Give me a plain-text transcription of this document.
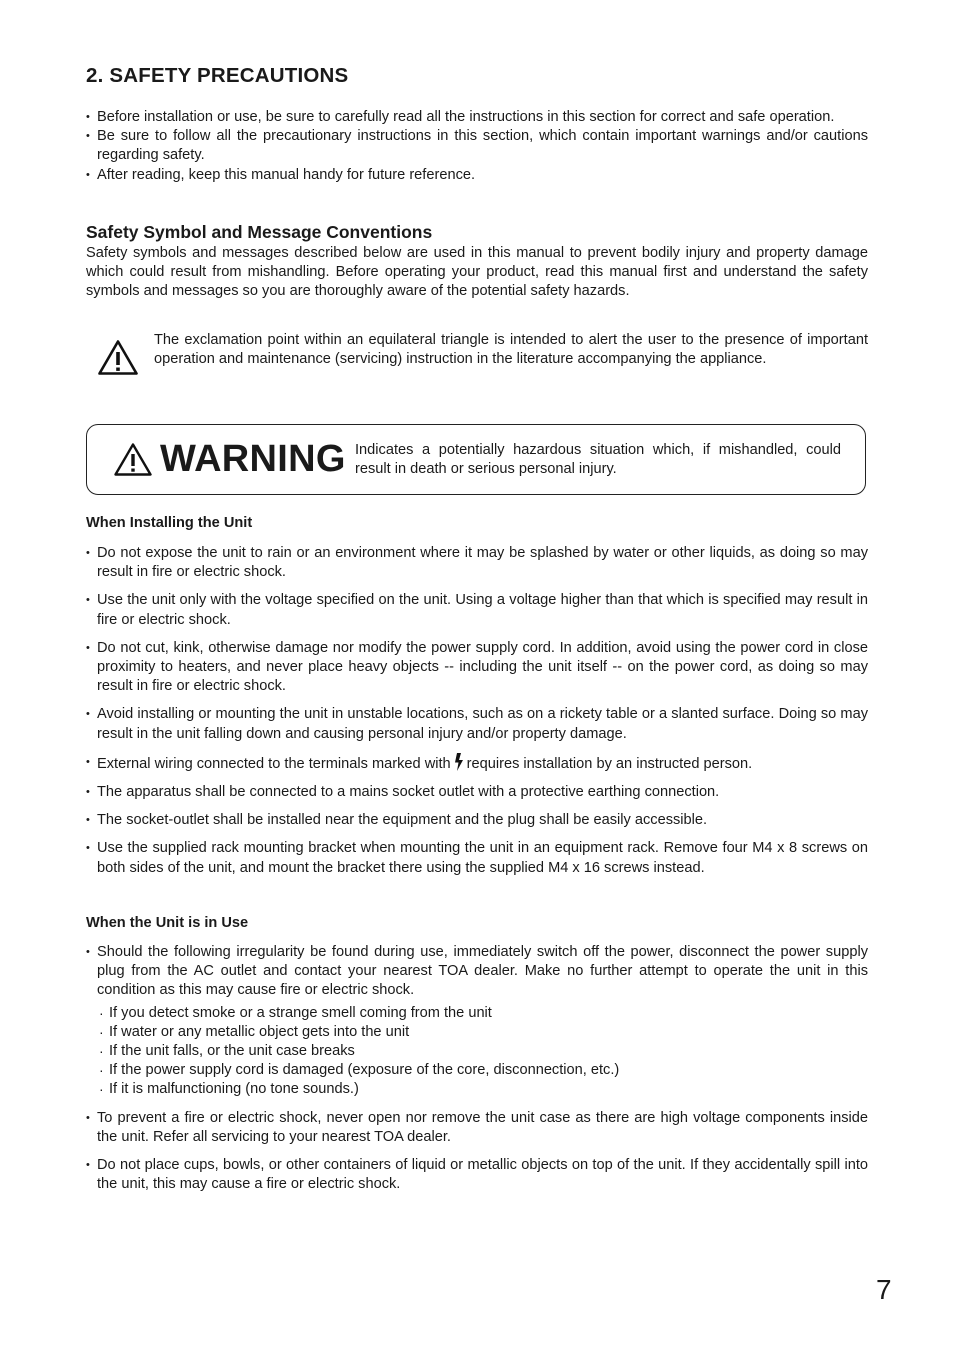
2. SAFETY PRECAUTIONS
• Before installation or use, be sure to carefully read all the instructions in this section for correct and safe operation.
• Be sure to follow all the precautionary instructions in this section, which contain important warnings and/or cautions regarding safety.
• After reading, keep this manual handy for future reference.
Safety Symbol and Message Conventions
Safety symbols and messages described below are used in this manual to prevent bodily injury and property damage which could result from mishandling. Before operating your product, read this manual first and understand the safety symbols and messages so you are thoroughly aware of the potential safety hazards.
The exclamation point within an equilateral triangle is intended to alert the user to the presence of important operation and maintenance (servicing) instruction in the literature accompanying the appliance.
WARNING Indicates a potentially hazardous situation which, if mishandled, could result in death or serious personal injury.
When Installing the Unit
• Do not expose the unit to rain or an environment where it may be splashed by water or other liquids, as doing so may result in fire or electric shock.
• Use the unit only with the voltage specified on the unit. Using a voltage higher than that which is specified may result in fire or electric shock.
• Do not cut, kink, otherwise damage nor modify the power supply cord. In addition, avoid using the power cord in close proximity to heaters, and never place heavy objects -- including the unit itself -- on the power cord, as doing so may result in fire or electric shock.
• Avoid installing or mounting the unit in unstable locations, such as on a rickety table or a slanted surface. Doing so may result in the unit falling down and causing personal injury and/or property damage.
• External wiring connected to the terminals marked with requires installation by an instructed person.
• The apparatus shall be connected to a mains socket outlet with a protective earthing connection.
• The socket-outlet shall be installed near the equipment and the plug shall be easily accessible.
• Use the supplied rack mounting bracket when mounting the unit in an equipment rack. Remove four M4 x 8 screws on both sides of the unit, and mount the bracket there using the supplied M4 x 16 screws instead.
When the Unit is in Use
• Should the following irregularity be found during use, immediately switch off the power, disconnect the power supply plug from the AC outlet and contact your nearest TOA dealer. Make no further attempt to operate the unit in this condition as this may cause fire or electric shock.
· If you detect smoke or a strange smell coming from the unit
· If water or any metallic object gets into the unit
· If the unit falls, or the unit case breaks
· If the power supply cord is damaged (exposure of the core, disconnection, etc.)
· If it is malfunctioning (no tone sounds.)
• To prevent a fire or electric shock, never open nor remove the unit case as there are high voltage components inside the unit. Refer all servicing to your nearest TOA dealer.
• Do not place cups, bowls, or other containers of liquid or metallic objects on top of the unit. If they accidentally spill into the unit, this may cause a fire or electric shock.
7
